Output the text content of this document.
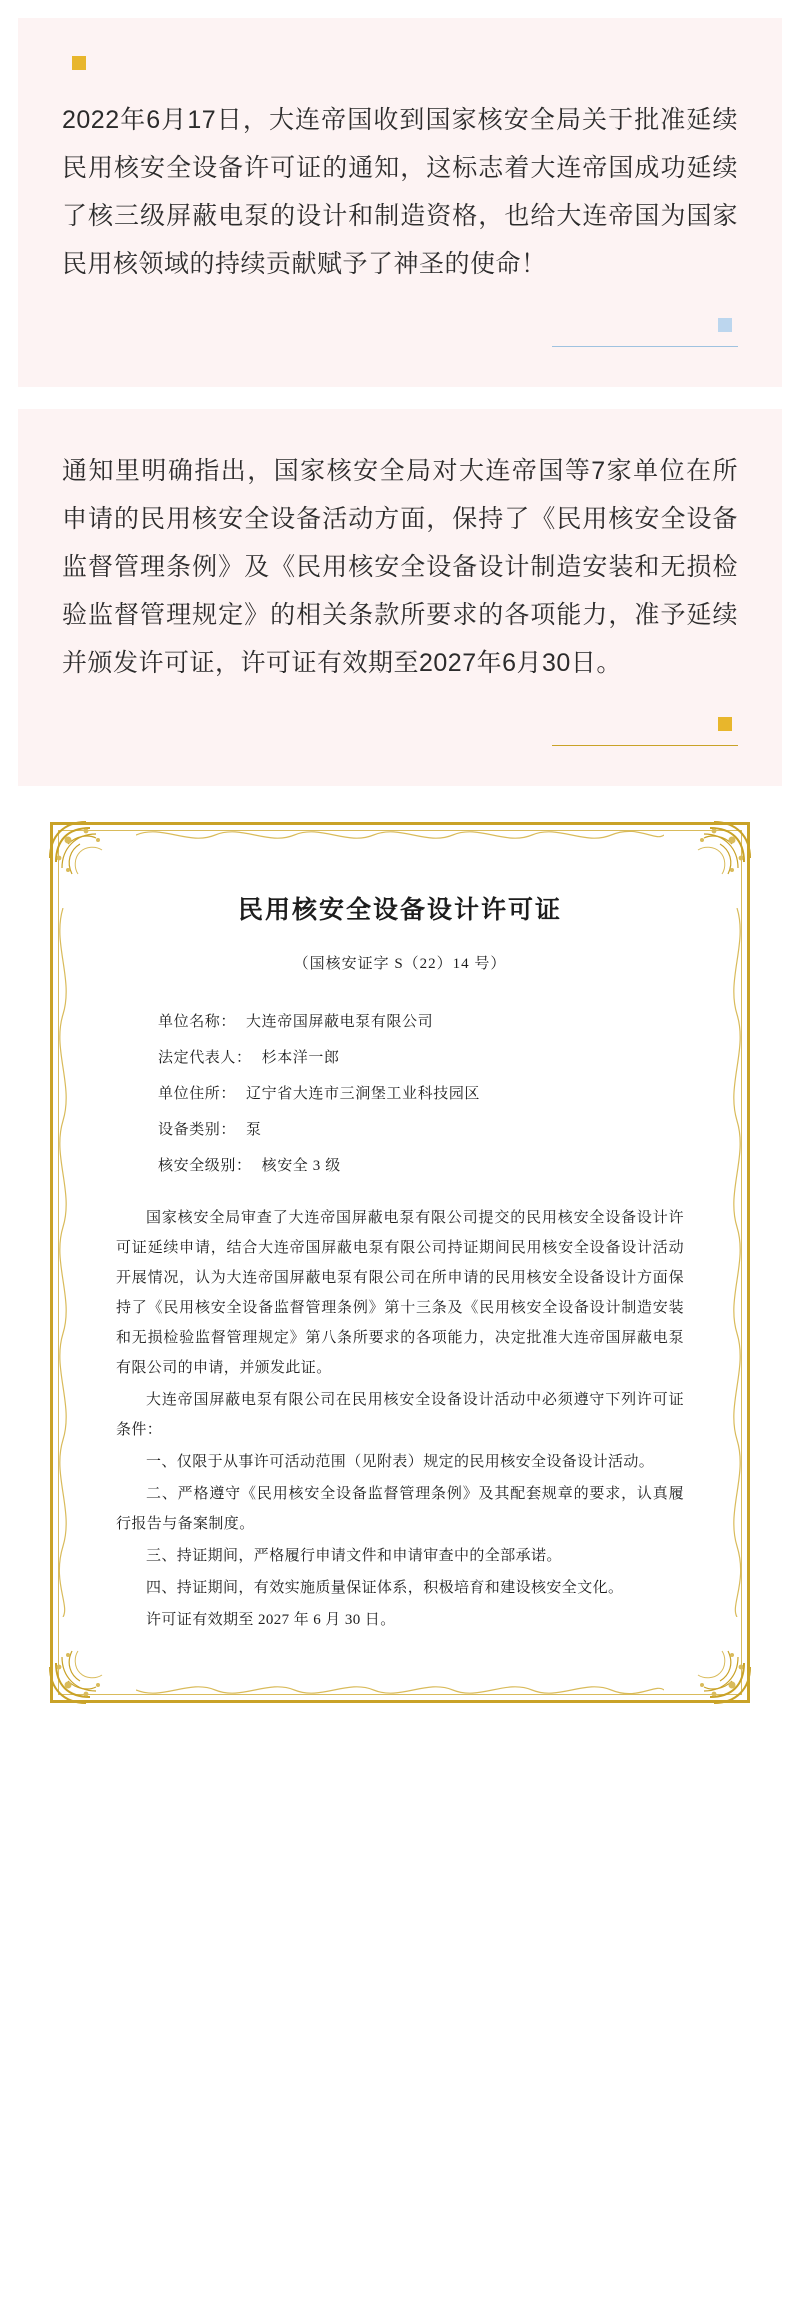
2022年6月17日，大连帝国收到国家核安全局关于批准延续民用核安全设备许可证的通知，这标志着大连帝国成功延续了核三级屏蔽电泵的设计和制造资格，也给大连帝国为国家民用核领域的持续贡献赋予了神圣的使命！

通知里明确指出，国家核安全局对大连帝国等7家单位在所申请的民用核安全设备活动方面，保持了《民用核安全设备监督管理条例》及《民用核安全设备设计制造安装和无损检验监督管理规定》的相关条款所要求的各项能力，准予延续并颁发许可证，许可证有效期至2027年6月30日。

民用核安全设备设计许可证
（国核安证字 S（22）14 号）
单位名称： 大连帝国屏蔽电泵有限公司
法定代表人： 杉本洋一郎
单位住所： 辽宁省大连市三涧堡工业科技园区
设备类别： 泵
核安全级别： 核安全 3 级

国家核安全局审查了大连帝国屏蔽电泵有限公司提交的民用核安全设备设计许可证延续申请，结合大连帝国屏蔽电泵有限公司持证期间民用核安全设备设计活动开展情况，认为大连帝国屏蔽电泵有限公司在所申请的民用核安全设备设计方面保持了《民用核安全设备监督管理条例》第十三条及《民用核安全设备设计制造安装和无损检验监督管理规定》第八条所要求的各项能力，决定批准大连帝国屏蔽电泵有限公司的申请，并颁发此证。

大连帝国屏蔽电泵有限公司在民用核安全设备设计活动中必须遵守下列许可证条件：

一、仅限于从事许可活动范围（见附表）规定的民用核安全设备设计活动。

二、严格遵守《民用核安全设备监督管理条例》及其配套规章的要求，认真履行报告与备案制度。

三、持证期间，严格履行申请文件和申请审查中的全部承诺。

四、持证期间，有效实施质量保证体系，积极培育和建设核安全文化。

许可证有效期至 2027 年 6 月 30 日。
